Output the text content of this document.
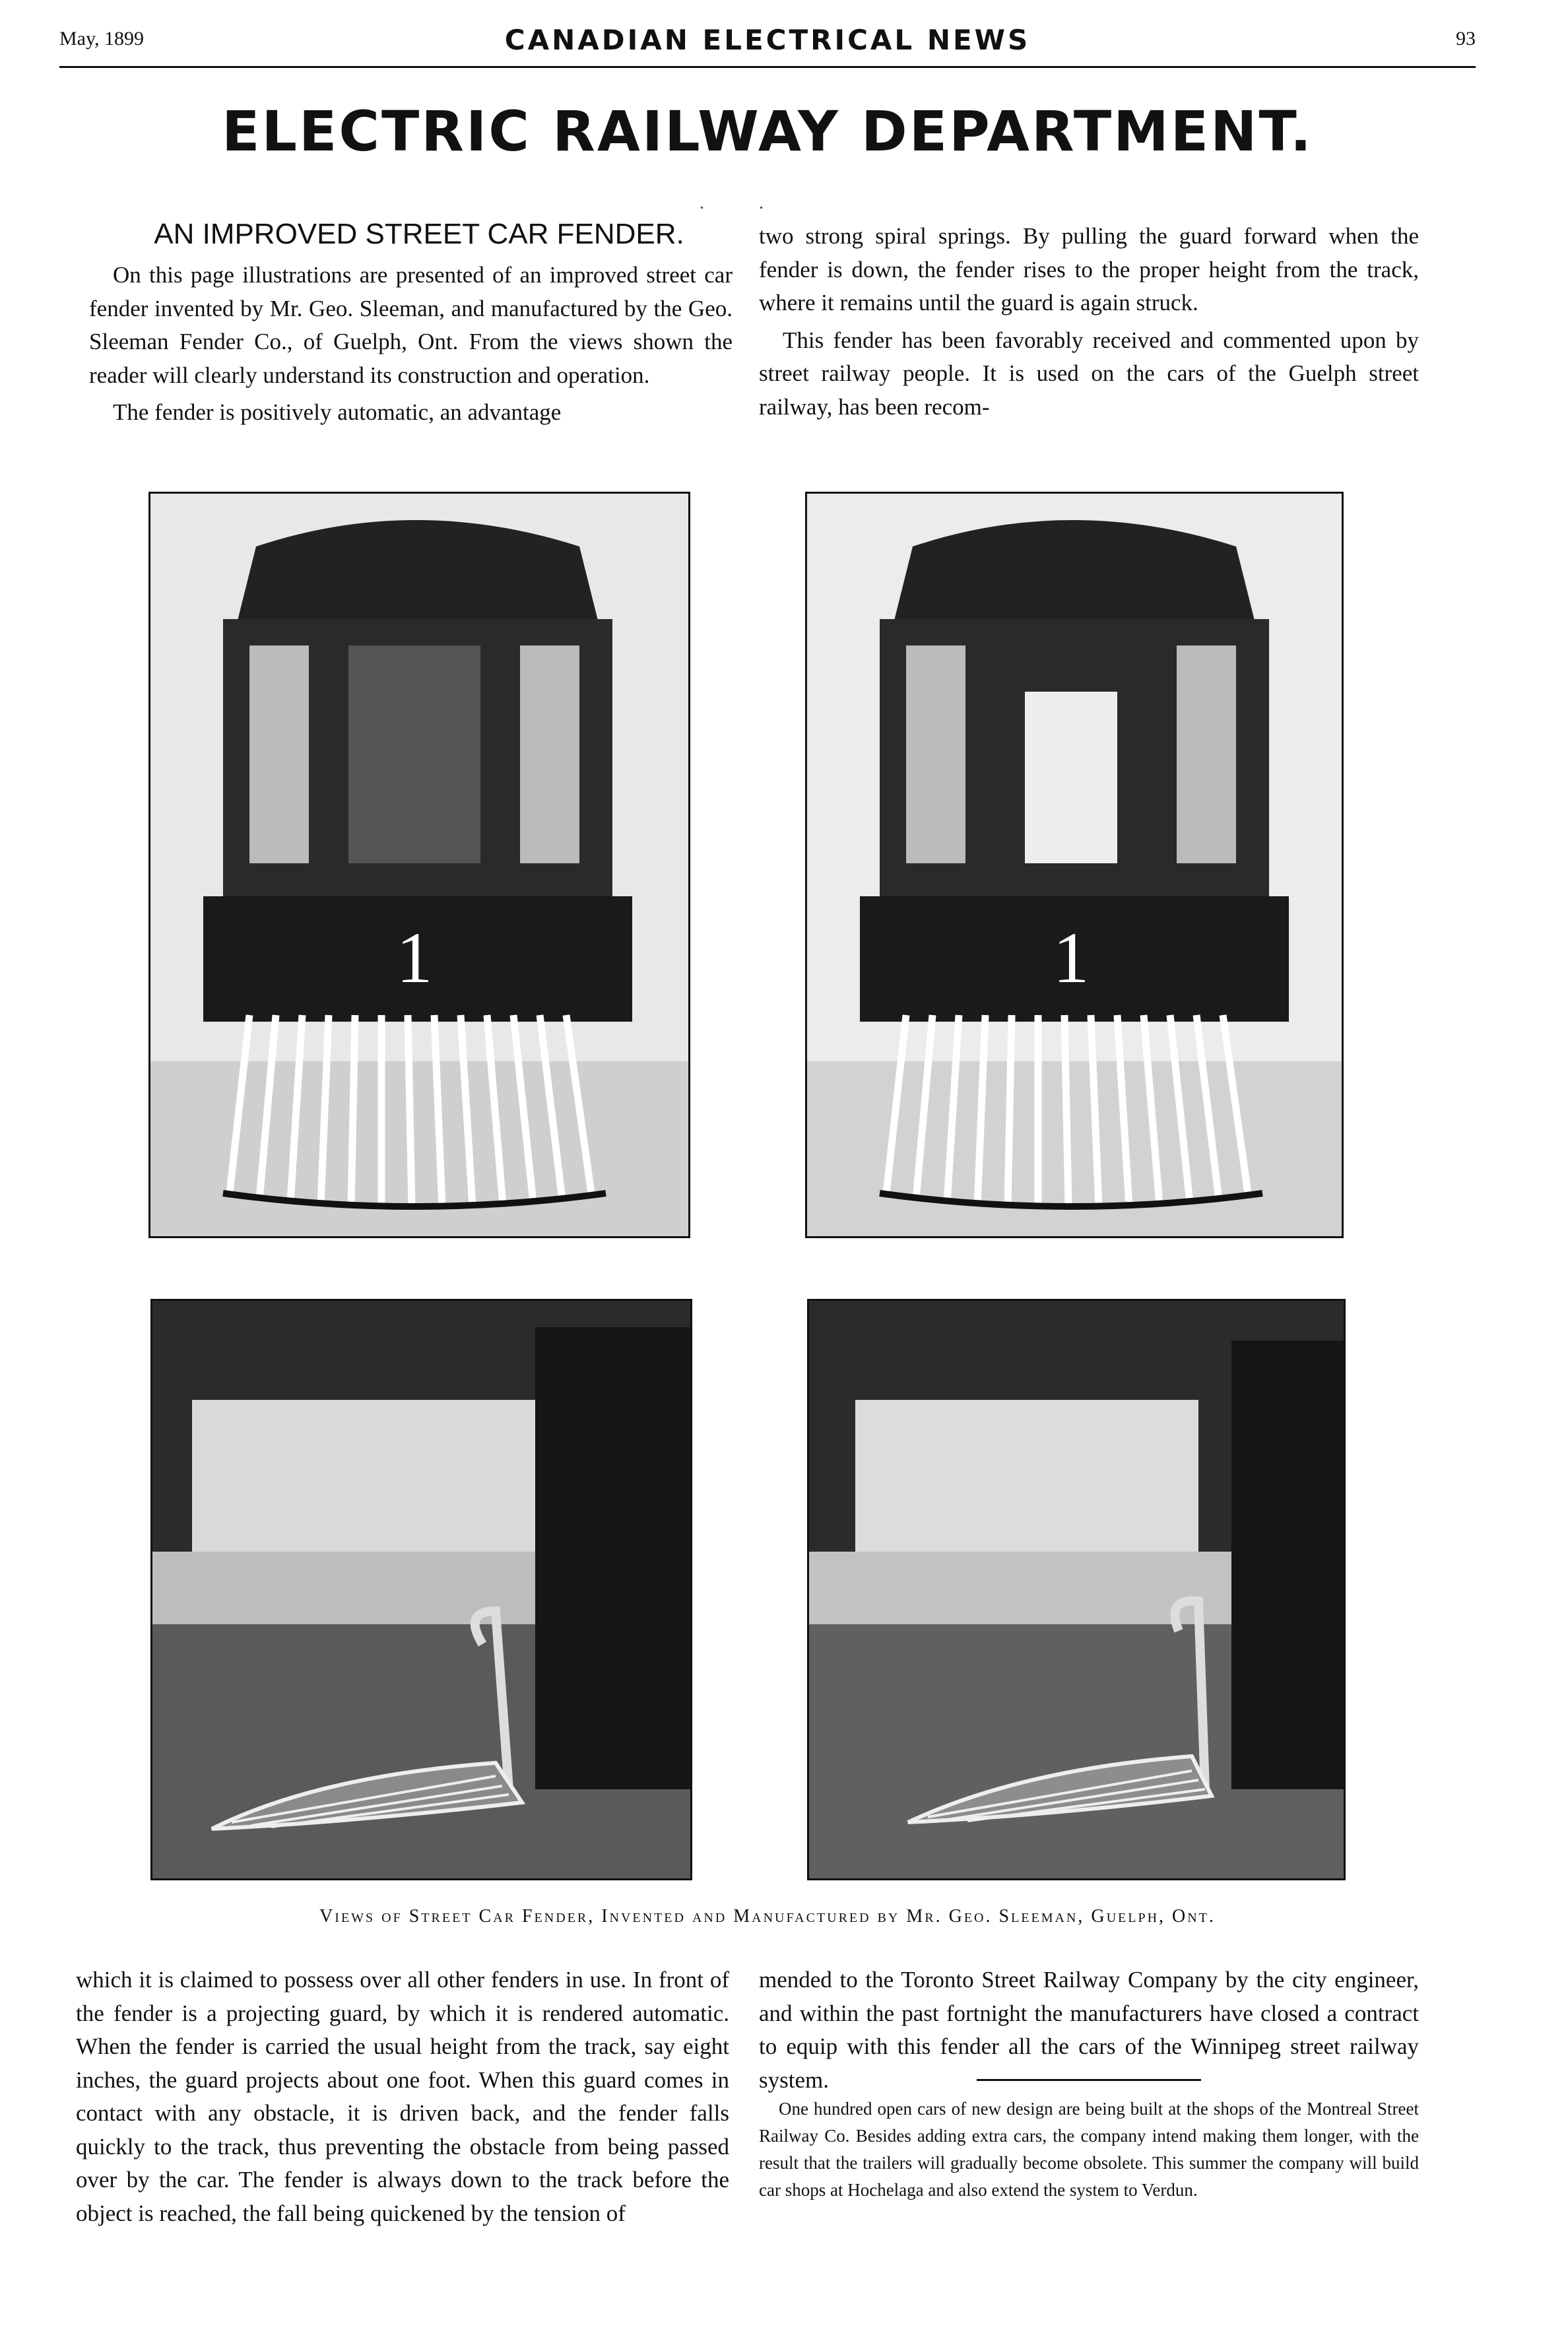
May, 1899	CANADIAN ELECTRICAL NEWS	93
ELECTRIC RAILWAY DEPARTMENT.
.	.
AN IMPROVED STREET CAR FENDER.

On this page illustrations are presented of an improved street car fender invented by Mr. Geo. Sleeman, and manufactured by the Geo. Sleeman Fender Co., of Guelph, Ont. From the views shown the reader will clearly understand its construction and operation.

The fender is positively automatic, an advantage

two strong spiral springs. By pulling the guard forward when the fender is down, the fender rises to the proper height from the track, where it remains until the guard is again struck.

This fender has been favorably received and commented upon by street railway people. It is used on the cars of the Guelph street railway, has been recom-

1	1
Views of Street Car Fender, Invented and Manufactured by Mr. Geo. Sleeman, Guelph, Ont.

which it is claimed to possess over all other fenders in use. In front of the fender is a projecting guard, by which it is rendered automatic. When the fender is carried the usual height from the track, say eight inches, the guard projects about one foot. When this guard comes in contact with any obstacle, it is driven back, and the fender falls quickly to the track, thus preventing the obstacle from being passed over by the car. The fender is always down to the track before the object is reached, the fall being quickened by the tension of

mended to the Toronto Street Railway Company by the city engineer, and within the past fortnight the manufacturers have closed a contract to equip with this fender all the cars of the Winnipeg street railway system.

One hundred open cars of new design are being built at the shops of the Montreal Street Railway Co. Besides adding extra cars, the company intend making them longer, with the result that the trailers will gradually become obsolete. This summer the company will build car shops at Hochelaga and also extend the system to Verdun.
